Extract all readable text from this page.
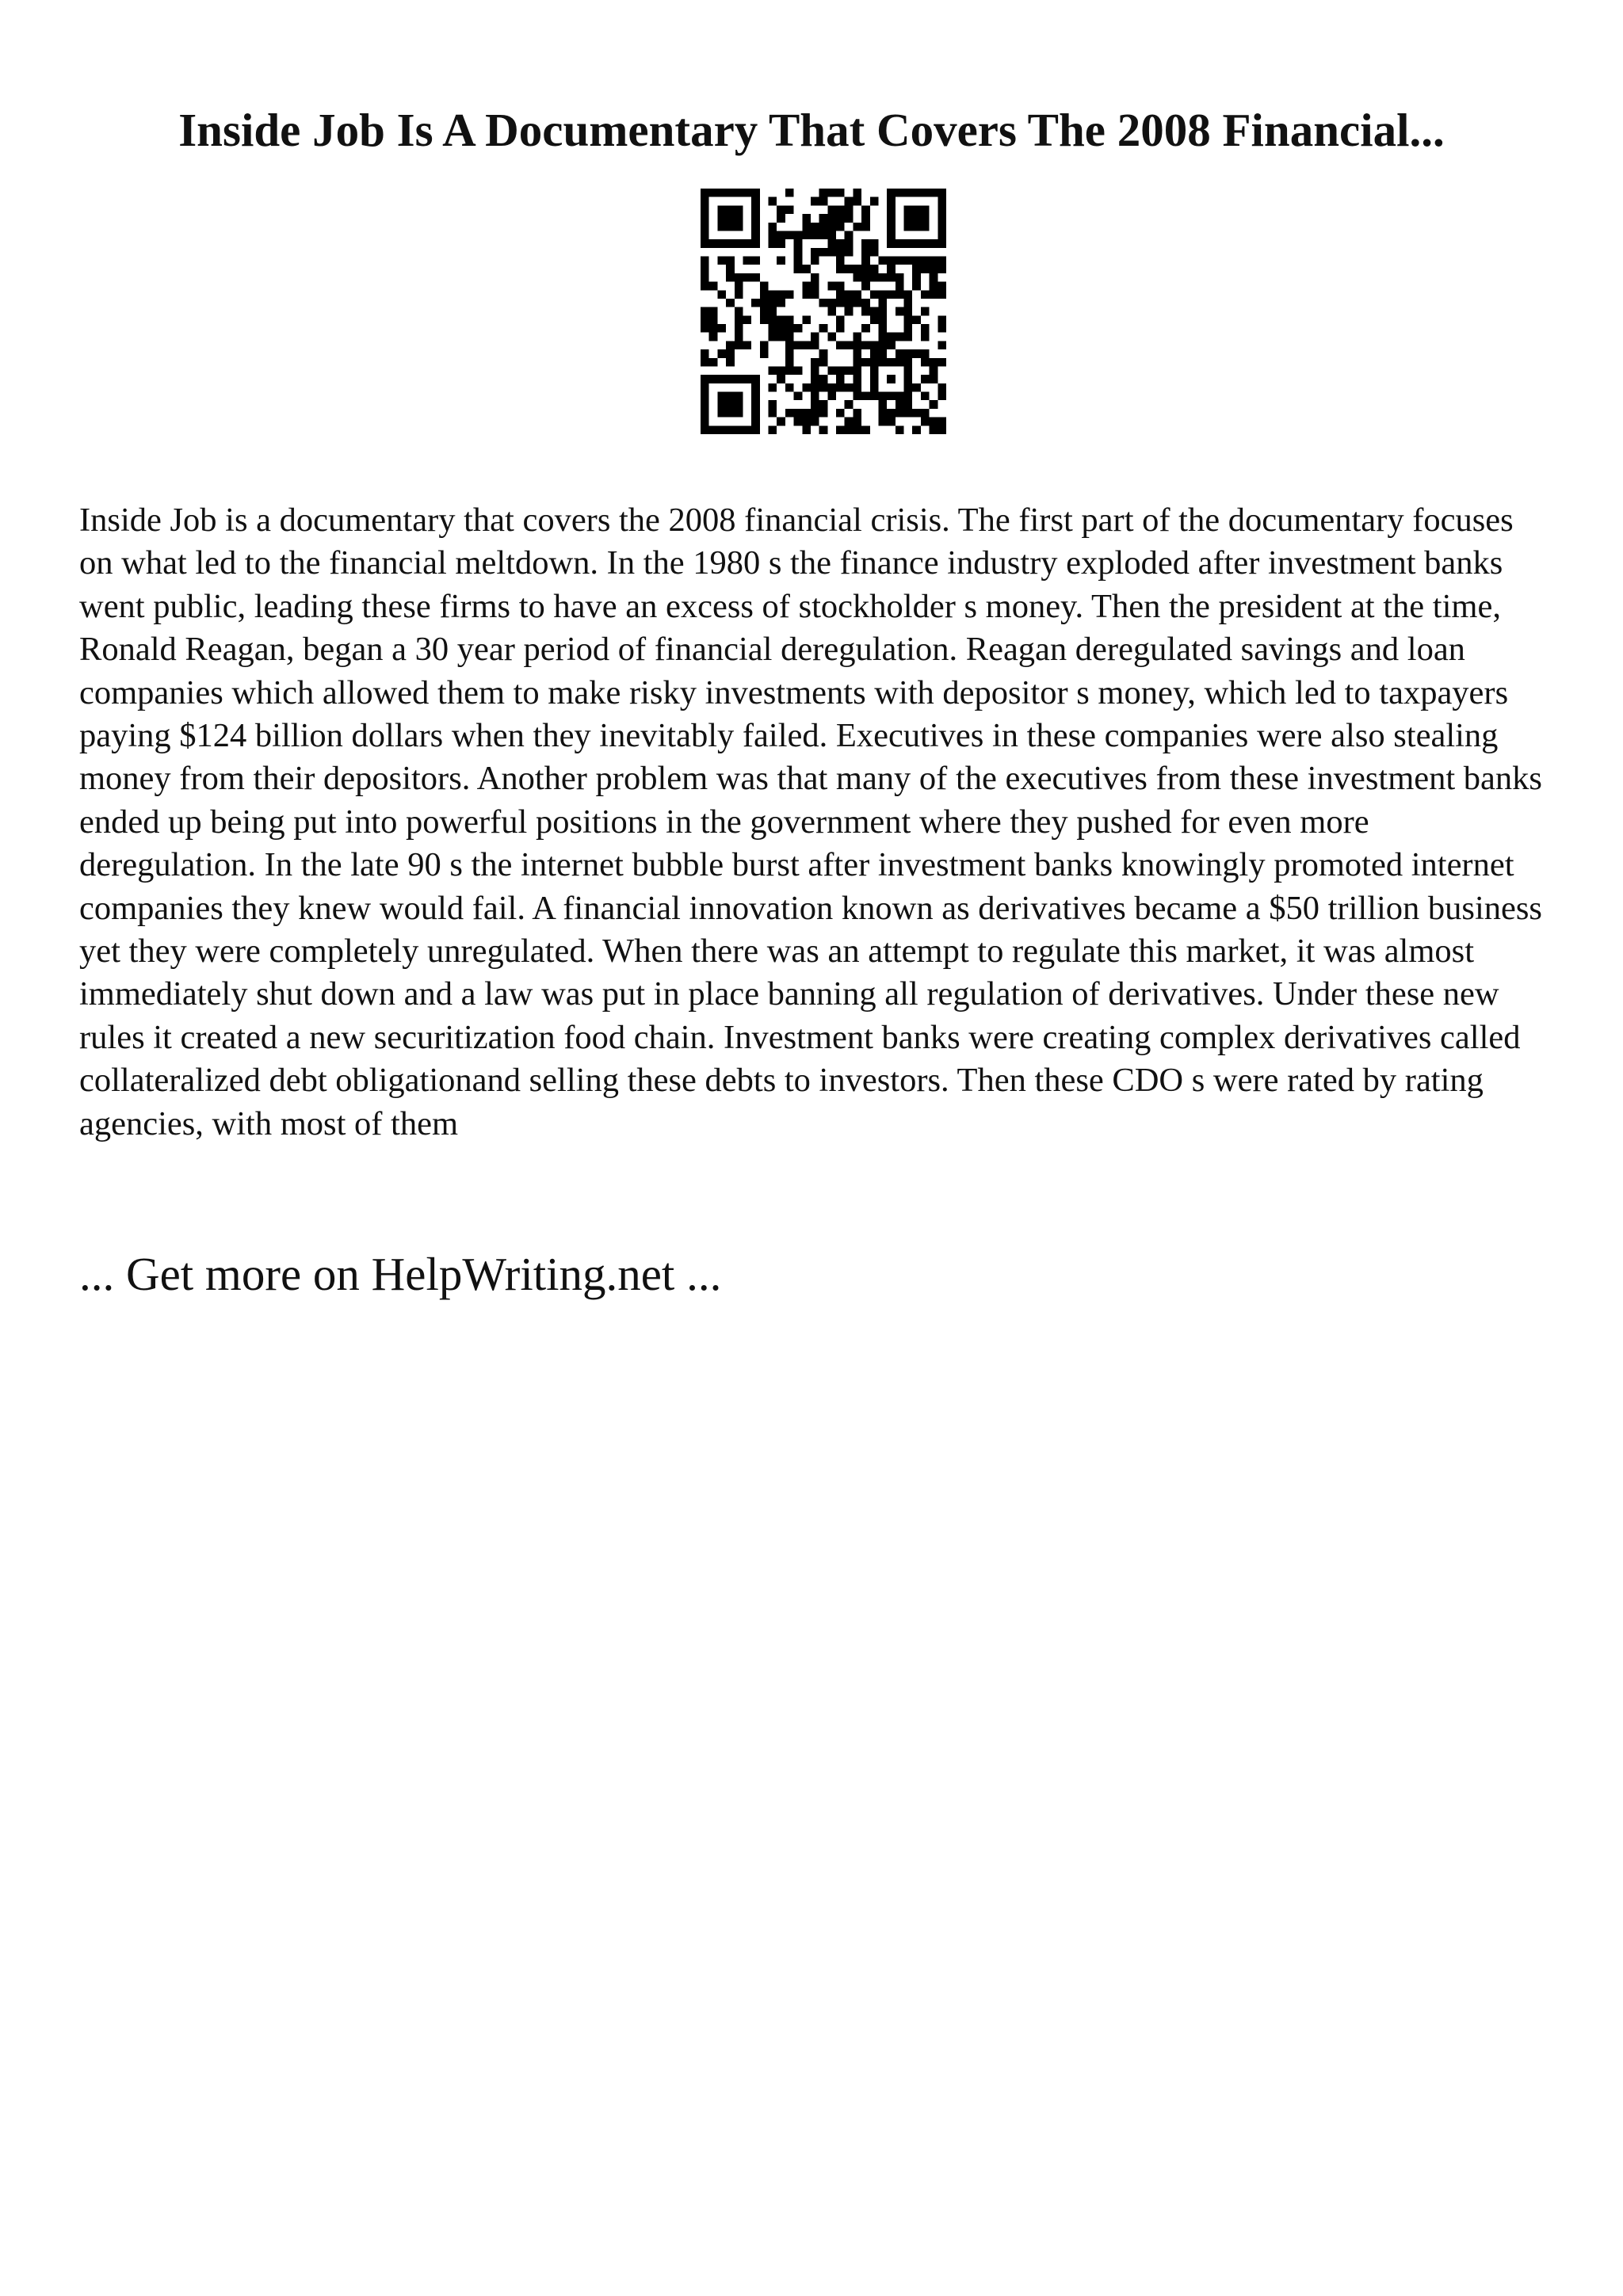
Inside Job Is A Documentary That Covers The 2008 Financial...

Inside Job is a documentary that covers the 2008 financial crisis. The first part of the documentary focuses on what led to the financial meltdown. In the 1980 s the finance industry exploded after investment banks went public, leading these firms to have an excess of stockholder s money. Then the president at the time, Ronald Reagan, began a 30 year period of financial deregulation. Reagan deregulated savings and loan companies which allowed them to make risky investments with depositor s money, which led to taxpayers paying $124 billion dollars when they inevitably failed. Executives in these companies were also stealing money from their depositors. Another problem was that many of the executives from these investment banks ended up being put into powerful positions in the government where they pushed for even more deregulation. In the late 90 s the internet bubble burst after investment banks knowingly promoted internet companies they knew would fail. A financial innovation known as derivatives became a $50 trillion business yet they were completely unregulated. When there was an attempt to regulate this market, it was almost immediately shut down and a law was put in place banning all regulation of derivatives. Under these new rules it created a new securitization food chain. Investment banks were creating complex derivatives called collateralized debt obligationand selling these debts to investors. Then these CDO s were rated by rating agencies, with most of them

... Get more on HelpWriting.net ...
